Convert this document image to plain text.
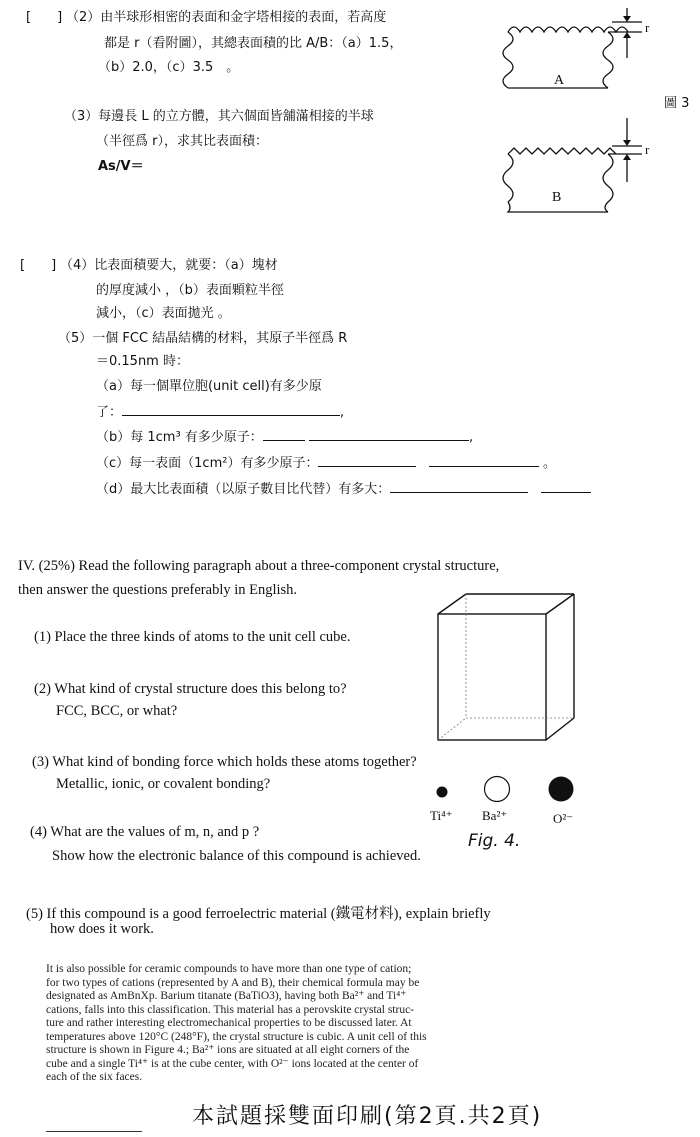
[　　] （2）由半球形相密的表面和金字塔相接的表面，若高度
都是 r（看附圖），其總表面積的比 A/B：（a）1.5，
（b）2.0，（c）3.5　。
（3）每邊長 L 的立方體，其六個面皆舖滿相接的半球
（半徑爲 r），求其比表面積：
As/V＝
A
B
r
r
圖 3
[　　] （4）比表面積要大，就要：（a）塊材
的厚度減小 ，（b）表面顆粒半徑
減小，（c）表面拋光 。
（5）一個 FCC 結晶結構的材料，其原子半徑爲 R
＝0.15nm 時：
（a）每一個單位胞(unit cell)有多少原
了：	,
（b）每 1cm³ 有多少原子：	,
（c）每一表面（1cm²）有多少原子：	。
（d）最大比表面積（以原子數目比代替）有多大：
IV. (25%) Read the following paragraph about a three-component crystal structure,
then answer the questions preferably in English.
(1) Place the three kinds of atoms to the unit cell cube.
(2) What kind of crystal structure does this belong to?
FCC, BCC, or what?
(3) What kind of bonding force which holds these atoms together?
Metallic, ionic, or covalent bonding?
(4) What are the values of m, n, and p ?
Show how the electronic balance of this compound is achieved.
(5) If this compound is a good ferroelectric material (鐵電材料), explain briefly
how does it work.
Ti⁴⁺ Ba²⁺	O²⁻
Fig. 4.
It is also possible for ceramic compounds to have more than one type of cation;
for two types of cations (represented by A and B), their chemical formula may be
designated as AmBnXp. Barium titanate (BaTiO3), having both Ba²⁺ and Ti⁴⁺
cations, falls into this classification. This material has a perovskite crystal struc-
ture and rather interesting electromechanical properties to be discussed later. At
temperatures above 120°C (248°F), the crystal structure is cubic. A unit cell of this
structure is shown in Figure 4.; Ba²⁺ ions are situated at all eight corners of the
cube and a single Ti⁴⁺ is at the cube center, with O²⁻ ions located at the center of
each of the six faces.
本試題採雙面印刷(第2頁.共2頁)
